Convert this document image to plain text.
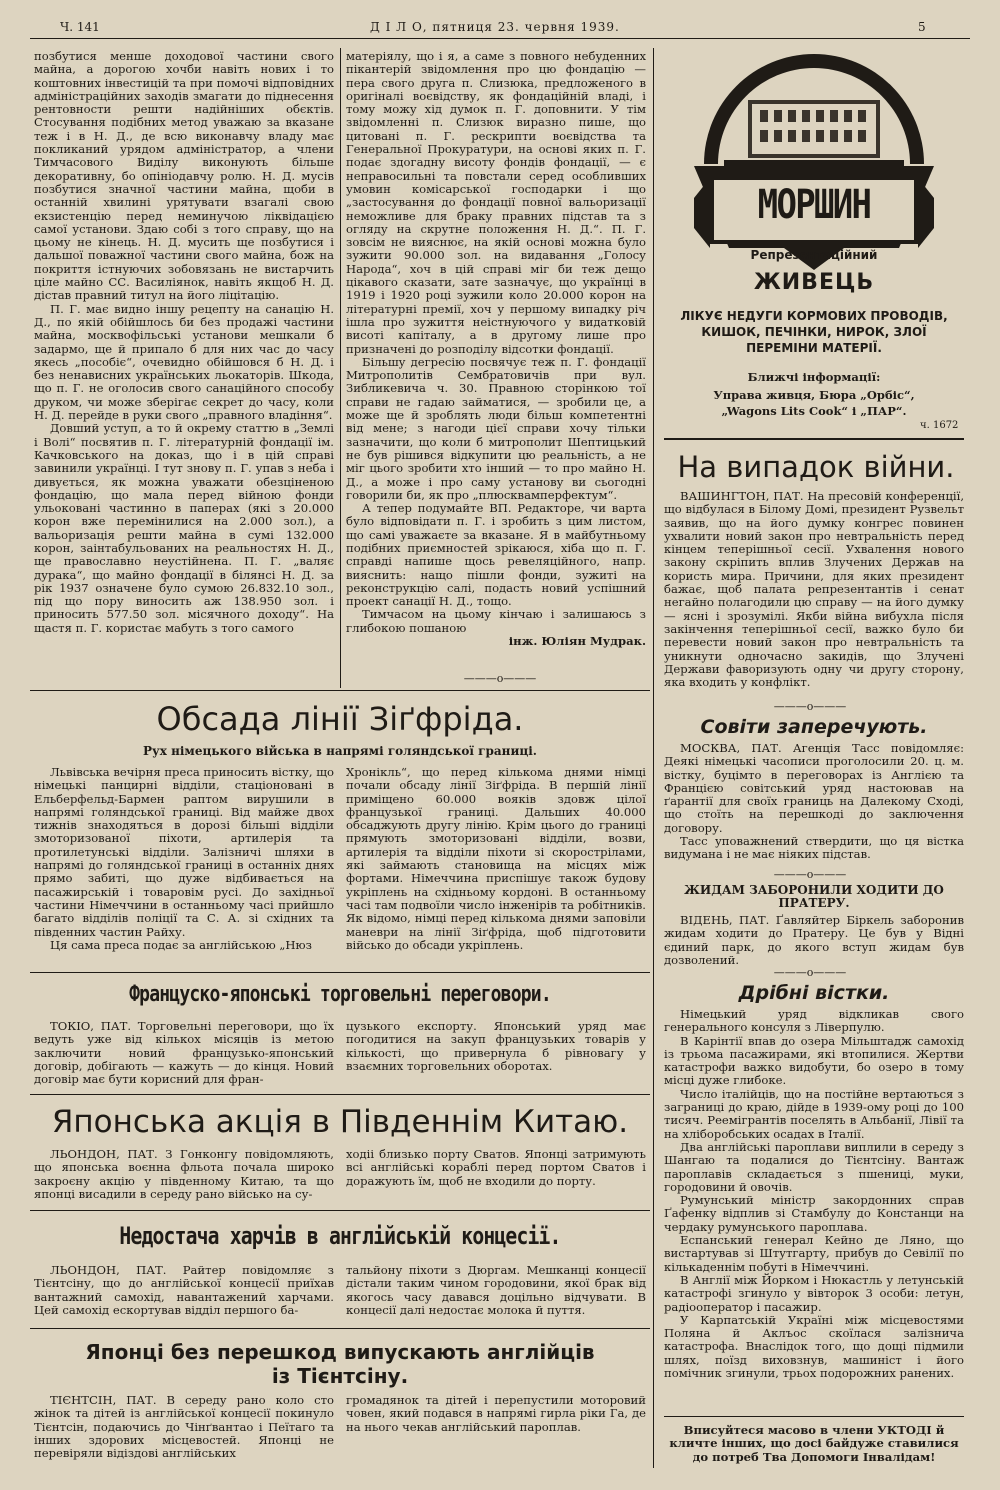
Ч. 141	Д І Л О, пятниця 23. червня 1939.	5

позбутися менше доходової частини свого майна, а дорогою хочби навіть нових і то коштовних інвестицій та при помочі відповідних адміністраційних заходів змагати до піднесення рентовности решти надійніших обєктів. Стосування подібних метод уважаю за вказане теж і в Н. Д., де всю виконавчу владу має покликаний урядом адміністратор, а члени Тимчасового Виділу виконують більше декоративну, бо опініодавчу ролю. Н. Д. мусів позбутися значної частини майна, щоби в останній хвилині урятувати взагалі свою екзистенцію перед неминучою ліквідацією самої установи. Здаю собі з того справу, що на цьому не кінець. Н. Д. мусить ще позбутися і дальшої поважної частини свого майна, бож на покриття істнуючих зобовязань не вистарчить ціле майно СС. Василіянок, навіть якщоб Н. Д. дістав правний титул на його ліцітацію.

П. Г. має видно іншу рецепту на санацію Н. Д., по якій обійшлось би без продажі частини майна, москвофільські установи мешкали б задармо, ще й припало б для них час до часу якесь „пособіє“, очевидно обійшовся б Н. Д. і без ненависних українських льокаторів. Шкода, що п. Г. не оголосив свого санаційного способу друком, чи може зберігає секрет до часу, коли Н. Д. перейде в руки свого „правного владіння“.

Довший уступ, а то й окрему статтю в „Землі і Волі“ посвятив п. Г. літературній фондації ім. Качковського на доказ, що і в цій справі завинили українці. І тут знову п. Г. упав з неба і дивується, як можна уважати обезціненою фондацію, що мала перед війною фонди ульоковані частинно в паперах (які з 20.000 корон вже перемінилися на 2.000 зол.), а вальоризація решти майна в сумі 132.000 корон, заінтабульованих на реальностях Н. Д., ще православно неустійнена. П. Г. „валяє дурака“, що майно фондації в білянсі Н. Д. за рік 1937 означене було сумою 26.832.10 зол., під що пору виносить аж 138.950 зол. і приносить 577.50 зол. місячного доходу“. На щастя п. Г. користає мабуть з того самого

матеріялу, що і я, а саме з повного небуденних пікантерій звідомлення про цю фондацію — пера свого друга п. Слизюка, предложеного в оригіналі воєвідству, як фондаційній владі, і тому можу хід думок п. Г. доповнити. У тім звідомленні п. Слизюк виразно пише, що цитовані п. Г. рескрипти воєвідства та Генеральної Прокуратури, на основі яких п. Г. подає здогадну висоту фондів фондації, — є неправосильні та повстали серед особливших умовин комісарської господарки і що „застосування до фондації повної вальоризації неможливе для браку правних підстав та з огляду на скрутне положення Н. Д.“. П. Г. зовсім не вияснює, на якій основі можна було зужити 90.000 зол. на видавання „Голосу Народа“, хоч в цій справі міг би теж дещо цікавого сказати, зате зазначує, що українці в 1919 і 1920 році зужили коло 20.000 корон на літературні премії, хоч у першому випадку річ ішла про зужиття неістнуючого у видатковій висоті капіталу, а в другому лише про призначені до розподілу відсотки фондації.

Більшу дегресію посвячує теж п. Г. фондації Митрополитів Сембратовичів при вул. Зибликевича ч. 30. Правною сторінкою тої справи не гадаю займатися, — зробили це, а може ще й зроблять люди більш компетентні від мене; з нагоди цієї справи хочу тільки зазначити, що коли б митрополит Шептицький не був рішився відкупити цю реальність, а не міг цього зробити хто інший — то про майно Н. Д., а може і про саму установу ви сьогодні говорили би, як про „плюсквамперфектум“.

А тепер подумайте ВП. Редакторе, чи варта було відповідати п. Г. і зробить з цим листом, що самі уважаєте за вказане. Я в майбутньому подібних приємностей зрікаюся, хіба що п. Г. справді напише щось ревеляційного, напр. вияснить: нащо пішли фонди, зужиті на реконструкцію салі, подасть новий успішний проект санації Н. Д., тощо.

Тимчасом на цьому кінчаю і залишаюсь з глибокою пошаною

інж. Юліян Мудрак.

———o———
МОРШИН
Репрезентаційний
ЖИВЕЦЬ
ЛІКУЄ НЕДУГИ КОРМОВИХ ПРОВОДІВ, КИШОК, ПЕЧІНКИ, НИРОК, ЗЛОЇ ПЕРЕМІНИ МАТЕРІЇ.
Ближчі інформації:
Управа живця, Бюра „Орбіс“,
„Wagons Lits Cook“ і „ПАР“.
ч. 1672
На випадок війни.

ВАШИНГТОН, ПАТ. На пресовій конференції, що відбулася в Білому Домі, президент Рузвельт заявив, що на його думку конгрес повинен ухвалити новий закон про невтральність перед кінцем теперішньої сесії. Ухвалення нового закону скріпить вплив Злучених Держав на користь мира. Причини, для яких президент бажає, щоб палата репрезентантів і сенат негайно полагодили цю справу — на його думку — ясні і зрозумілі. Якби війна вибухла після закінчення теперішньої сесії, важко було би перевести новий закон про невтральність та уникнути одночасно закидів, що Злучені Держави фаворизують одну чи другу сторону, яка входить у конфлікт.

———o———
Совіти заперечують.

МОСКВА, ПАТ. Агенція Тасс повідомляє: Деякі німецькі часописи проголосили 20. ц. м. вістку, буцімто в переговорах із Англією та Францією совітський уряд настоював на ґарантії для своїх границь на Далекому Сході, що стоїть на перешкоді до заключення договору.

Тасс уповажнений ствердити, що ця вістка видумана і не має ніяких підстав.

———o———
ЖИДАМ ЗАБОРОНИЛИ ХОДИТИ ДО ПРАТЕРУ.

ВІДЕНЬ, ПАТ. Ґавляйтер Біркель заборонив жидам ходити до Пратеру. Це був у Відні єдиний парк, до якого вступ жидам був дозволений.

———o———
Дрібні вістки.

Німецький уряд відкликав свого генерального консуля з Ліверпулю.

В Карінтії впав до озера Мільштадж самохід із трьома пасажирами, які втопилися. Жертви катастрофи важко видобути, бо озеро в тому місці дуже глибоке.

Число італійців, що на постійне вертаються з заграниці до краю, дійде в 1939-ому році до 100 тисяч. Реемігрантів поселять в Альбанії, Лівії та на хліборобських осадах в Італії.

Два англійські пароплави виплили в середу з Шангаю та подалися до Тієнтсіну. Вантаж пароплавів складається з пшениці, муки, городовини й овочів.

Румунський міністр закордонних справ Ґафенку відплив зі Стамбулу до Констанци на чердаку румунського пароплава.

Еспанський генерал Кейно де Ляно, що вистартував зі Штутгарту, прибув до Севілії по кількаденнім побуті в Німеччині.

В Англії між Йорком і Нюкастль у летунській катастрофі згинуло у вівторок 3 особи: летун, радіооператор і пасажир.

У Карпатській Україні між місцевостями Поляна й Аклъос скоїлася залізнича катастрофа. Внаслідок того, що дощі підмили шлях, поїзд виховзнув, машиніст і його помічник згинули, трьох подорожних ранених.

Вписуйтеся масово в члени УКТОДІ й кличте інших, що досі байдуже ставилися до потреб Тва Допомоги Інвалідам!
Обсада лінії Зіґфріда.
Рух німецького війська в напрямі голяндської границі.

Львівська вечірня преса приносить вістку, що німецькі панцирні відділи, стаціоновані в Ельберфельд-Бармен раптом вирушили в напрямі голяндської границі. Від майже двох тижнів знаходяться в дорозі більші відділи змоторизованої піхоти, артилерія та протилетунські відділи. Залізничі шляхи в напрямі до голяндської границі в останніх днях прямо забиті, що дуже відбивається на пасажирській і товаровім русі. До західньої частини Німеччини в останньому часі прийшло багато відділів поліції та С. А. зі східних та південних частин Райху.

Ця сама преса подає за англійською „Нюз

Хронікль“, що перед кількома днями німці почали обсаду лінії Зіґфріда. В першій лінії приміщено 60.000 вояків здовж цілої французької границі. Дальших 40.000 обсаджують другу лінію. Крім цього до границі прямують змоторизовані відділи, возви, артилерія та відділи піхоти зі скорострілами, які займають становища на місцях між фортами. Німеччина приспішує також будову укріплень на східньому кордоні. В останньому часі там подвоїли число інженірів та робітників. Як відомо, німці перед кількома днями заповіли маневри на лінії Зіґфріда, щоб підготовити військо до обсади укріплень.

Француско-японські торговельні переговори.

ТОКІО, ПАТ. Торговельні переговори, що їх ведуть уже від кількох місяців із метою заключити новий французько-японський договір, добігають — кажуть — до кінця. Новий договір має бути корисний для фран-

цузького експорту. Японський уряд має погодитися на закуп французьких товарів у кількості, що привернула б рівновагу у взаємних торговельних оборотах.

Японська акція в Південнім Китаю.

ЛЬОНДОН, ПАТ. З Гонконгу повідомляють, що японська воєнна фльота почала широко закроєну акцію у південному Китаю, та що японці висадили в середу рано військо на су-

ходіі близько порту Сватов. Японці затримують всі англійські кораблі перед портом Сватов і доражують їм, щоб не входили до порту.

Недостача харчів в англійській концесії.

ЛЬОНДОН, ПАТ. Райтер повідомляє з Тієнтсіну, що до англійської концесії приїхав вантажний самохід, навантажений харчами. Цей самохід ескортував відділ першого ба-

тальйону піхоти з Дюргам. Мешканці концесії дістали таким чином городовини, якої брак від якогось часу давався доцільно відчувати. В концесії далі недостає молока й пуття.

Японці без перешкод випускають англійців
із Тієнтсіну.

ТІЄНТСІН, ПАТ. В середу рано коло сто жінок та дітей із англійської концесії покинуло Тієнтсін, подаючись до Чінґвантао і Пеїтаго та інших здорових місцевостей. Японці не перевіряли відіздові англійських

громадянок та дітей і перепустили моторовий човен, який подався в напрямі гирла ріки Га, де на нього чекав англійський пароплав.
